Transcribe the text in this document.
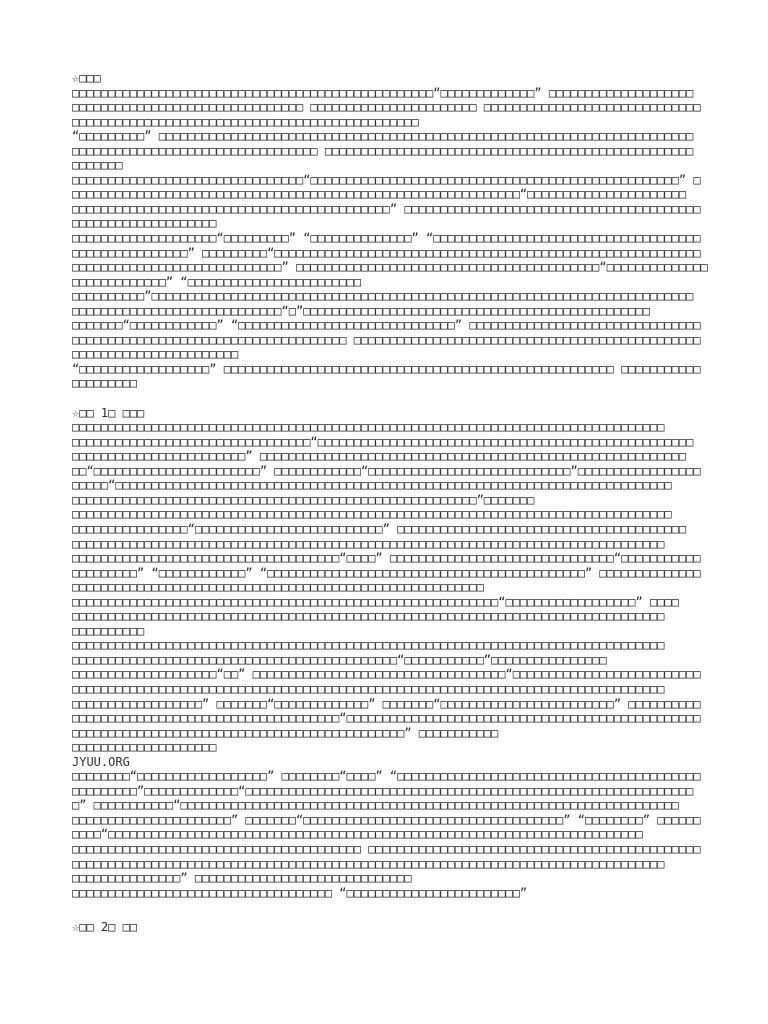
☆□□□
□□□□□□□□□□□□□□□□□□□□□□□□□□□□□□□□□□□□□□□□□□□□□□□□□□“□□□□□□□□□□□□□” □□□□□□□□□□□□□□□□□□□□
□□□□□□□□□□□□□□□□□□□□□□□□□□□□□□□□ □□□□□□□□□□□□□□□□□□□□□□□ □□□□□□□□□□□□□□□□□□□□□□□□□□□□□□
□□□□□□□□□□□□□□□□□□□□□□□□□□□□□□□□□□□□□□□□□□□□□□□□
“□□□□□□□□□” □□□□□□□□□□□□□□□□□□□□□□□□□□□□□□□□□□□□□□□□□□□□□□□□□□□□□□□□□□□□□□□□□□□□□□□□□□
□□□□□□□□□□□□□□□□□□□□□□□□□□□□□□□□□□ □□□□□□□□□□□□□□□□□□□□□□□□□□□□□□□□□□□□□□□□□□□□□□□□□□□
□□□□□□□
□□□□□□□□□□□□□□□□□□□□□□□□□□□□□□□□“□□□□□□□□□□□□□□□□□□□□□□□□□□□□□□□□□□□□□□□□□□□□□□□□□□□” □
□□□□□□□□□□□□□□□□□□□□□□□□□□□□□□□□□□□□□□□□□□□□□□□□□□□□□□□□□□□□□□“□□□□□□□□□□□□□□□□□□□□□□
□□□□□□□□□□□□□□□□□□□□□□□□□□□□□□□□□□□□□□□□□□□□” □□□□□□□□□□□□□□□□□□□□□□□□□□□□□□□□□□□□□□□□□
□□□□□□□□□□□□□□□□□□□□
□□□□□□□□□□□□□□□□□□□□“□□□□□□□□□” “□□□□□□□□□□□□□□” “□□□□□□□□□□□□□□□□□□□□□□□□□□□□□□□□□□□□□
□□□□□□□□□□□□□□□□” □□□□□□□□□“□□□□□□□□□□□□□□□□□□□□□□□□□□□□□□□□□□□□□□□□□□□□□□□□□□□□□□□□□□□
□□□□□□□□□□□□□□□□□□□□□□□□□□□□□” □□□□□□□□□□□□□□□□□□□□□□□□□□□□□□□□□□□□□□□□□□“□□□□□□□□□□□□□□
□□□□□□□□□□□□□” “□□□□□□□□□□□□□□□□□□□□□□□□
□□□□□□□□□□”□□□□□□□□□□□□□□□□□□□□□□□□□□□□□□□□□□□□□□□□□□□□□□□□□□□□□□□□□□□□□□□□□□□□□□□□□□□
□□□□□□□□□□□□□□□□□□□□□□□□□□□□□“□”□□□□□□□□□□□□□□□□□□□□□□□□□□□□□□□□□□□□□□□□□□□□□□□□
□□□□□□□“□□□□□□□□□□□□” “□□□□□□□□□□□□□□□□□□□□□□□□□□□□□□” □□□□□□□□□□□□□□□□□□□□□□□□□□□□□□□□
□□□□□□□□□□□□□□□□□□□□□□□□□□□□□□□□□□□□□□ □□□□□□□□□□□□□□□□□□□□□□□□□□□□□□□□□□□□□□□□□□□□□□□□
□□□□□□□□□□□□□□□□□□□□□□□
“□□□□□□□□□□□□□□□□□□” □□□□□□□□□□□□□□□□□□□□□□□□□□□□□□□□□□□□□□□□□□□□□□□□□□□□□□ □□□□□□□□□□□
□□□□□□□□□
☆□□ 1□ □□□
□□□□□□□□□□□□□□□□□□□□□□□□□□□□□□□□□□□□□□□□□□□□□□□□□□□□□□□□□□□□□□□□□□□□□□□□□□□□□□□□□□
□□□□□□□□□□□□□□□□□□□□□□□□□□□□□□□□□“□□□□□□□□□□□□□□□□□□□□□□□□□□□□□□□□□□□□□□□□□□□□□□□□□□□□
□□□□□□□□□□□□□□□□□□□□□□□□” □□□□□□□□□□□□□□□□□□□□□□□□□□□□□□□□□□□□□□□□□□□□□□□□□□□□□□□□□□□
□□“□□□□□□□□□□□□□□□□□□□□□□□” □□□□□□□□□□□□“□□□□□□□□□□□□□□□□□□□□□□□□□□□□”□□□□□□□□□□□□□□□□□
□□□□□“□□□□□□□□□□□□□□□□□□□□□□□□□□□□□□□□□□□□□□□□□□□□□□□□□□□□□□□□□□□□□□□□□□□□□□□□□□□□□
□□□□□□□□□□□□□□□□□□□□□□□□□□□□□□□□□□□□□□□□□□□□□□□□□□□□□□□□”□□□□□□□
□□□□□□□□□□□□□□□□□□□□□□□□□□□□□□□□□□□□□□□□□□□□□□□□□□□□□□□□□□□□□□□□□□□□□□□□□□□□□□□□□□□
□□□□□□□□□□□□□□□□“□□□□□□□□□□□□□□□□□□□□□□□□□□” □□□□□□□□□□□□□□□□□□□□□□□□□□□□□□□□□□□□□□□□
□□□□□□□□□□□□□□□□□□□□□□□□□□□□□□□□□□□□□□□□□□□□□□□□□□□□□□□□□□□□□□□□□□□□□□□□□□□□□□□□□□
□□□□□□□□□□□□□□□□□□□□□□□□□□□□□□□□□□□□□“□□□□” □□□□□□□□□□□□□□□□□□□□□□□□□□□□□□□“□□□□□□□□□□□
□□□□□□□□□” “□□□□□□□□□□□□” “□□□□□□□□□□□□□□□□□□□□□□□□□□□□□□□□□□□□□□□□□□□□” □□□□□□□□□□□□□□
□□□□□□□□□□□□□□□□□□□□□□□□□□□□□□□□□□□□□□□□□□□□□□□□□□□□□□□□□
□□□□□□□□□□□□□□□□□□□□□□□□□□□□□□□□□□□□□□□□□□□□□□□□□□□□□□□□□□□“□□□□□□□□□□□□□□□□□□” □□□□
□□□□□□□□□□□□□□□□□□□□□□□□□□□□□□□□□□□□□□□□□□□□□□□□□□□□□□□□□□□□□□□□□□□□□□□□□□□□□□□□□□
□□□□□□□□□□
□□□□□□□□□□□□□□□□□□□□□□□□□□□□□□□□□□□□□□□□□□□□□□□□□□□□□□□□□□□□□□□□□□□□□□□□□□□□□□□□□□
□□□□□□□□□□□□□□□□□□□□□□□□□□□□□□□□□□□□□□□□□□□□□“□□□□□□□□□□□”□□□□□□□□□□□□□□□□
□□□□□□□□□□□□□□□□□□□□“□□” □□□□□□□□□□□□□□□□□□□□□□□□□□□□□□□□□□□“□□□□□□□□□□□□□□□□□□□□□□□□□□
□□□□□□□□□□□□□□□□□□□□□□□□□□□□□□□□□□□□□□□□□□□□□□□□□□□□□□□□□□□□□□□□□□□□□□□□□□□□□□□□□□
□□□□□□□□□□□□□□□□□□” □□□□□□□“□□□□□□□□□□□□□” □□□□□□□“□□□□□□□□□□□□□□□□□□□□□□□□” □□□□□□□□□□
□□□□□□□□□□□□□□□□□□□□□□□□□□□□□□□□□□□□□“□□□□□□□□□□□□□□□□□□□□□□□□□□□□□□□□□□□□□□□□□□□□□□□□□
□□□□□□□□□□□□□□□□□□□□□□□□□□□□□□□□□□□□□□□□□□□□□□” □□□□□□□□□□□
□□□□□□□□□□□□□□□□□□□□
JYUU.ORG
□□□□□□□□“□□□□□□□□□□□□□□□□□□” □□□□□□□□“□□□□” “□□□□□□□□□□□□□□□□□□□□□□□□□□□□□□□□□□□□□□□□□□
□□□□□□□□□”□□□□□□□□□□□□□“□□□□□□□□□□□□□□□□□□□□□□□□□□□□□□□□□□□□□□□□□□□□□□□□□□□□□□□□□□□□□□
□” □□□□□□□□□□□“□□□□□□□□□□□□□□□□□□□□□□□□□□□□□□□□□□□□□□□□□□□□□□□□□□□□□□□□□□□□□□□□□□□□□
□□□□□□□□□□□□□□□□□□□□□□” □□□□□□□“□□□□□□□□□□□□□□□□□□□□□□□□□□□□□□□□□□□□” “□□□□□□□□” □□□□□□
□□□□“□□□□□□□□□□□□□□□□□□□□□□□□□□□□□□□□□□□□□□□□□□□□□□□□□□□□□□□□□□□□□□□□□□□□□□□□□□
□□□□□□□□□□□□□□□□□□□□□□□□□□□□□□□□□□□□□□□□ □□□□□□□□□□□□□□□□□□□□□□□□□□□□□□□□□□□□□□□□□□□□□□
□□□□□□□□□□□□□□□□□□□□□□□□□□□□□□□□□□□□□□□□□□□□□□□□□□□□□□□□□□□□□□□□□□□□□□□□□□□□□□□□□□
□□□□□□□□□□□□□□□” □□□□□□□□□□□□□□□□□□□□□□□□□□□□□□
□□□□□□□□□□□□□□□□□□□□□□□□□□□□□□□□□□□□ “□□□□□□□□□□□□□□□□□□□□□□□□”
☆□□ 2□ □□
